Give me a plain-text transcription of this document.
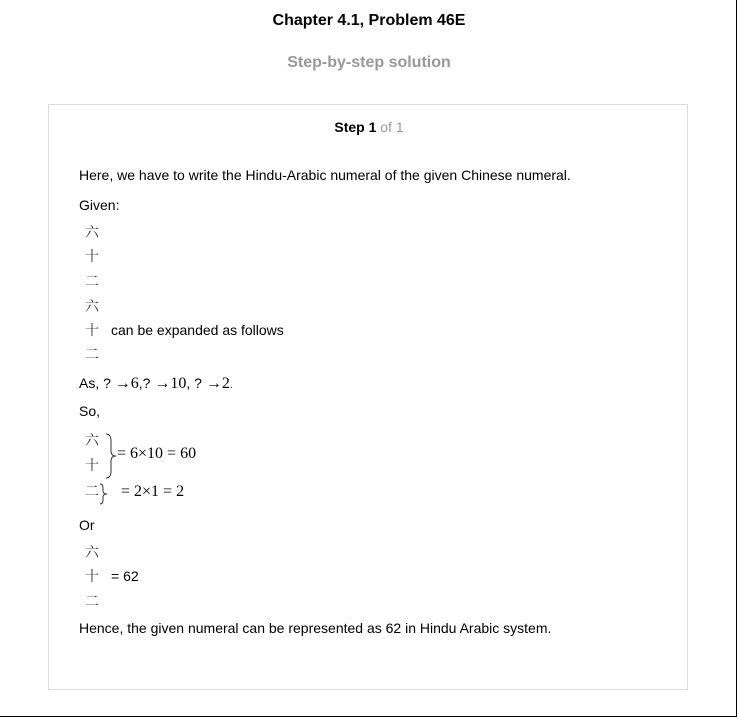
Chapter 4.1, Problem 46E
Step-by-step solution
Step 1 of 1
Here, we have to write the Hindu-Arabic numeral of the given Chinese numeral.
Given:
六
十
二
六
十
二
can be expanded as follows
As, ? →6,? →10, ? →2.
So,
六
十
= 6×10 = 60
二 = 2×1 = 2
Or
六
十
二
= 62
Hence, the given numeral can be represented as 62 in Hindu Arabic system.
